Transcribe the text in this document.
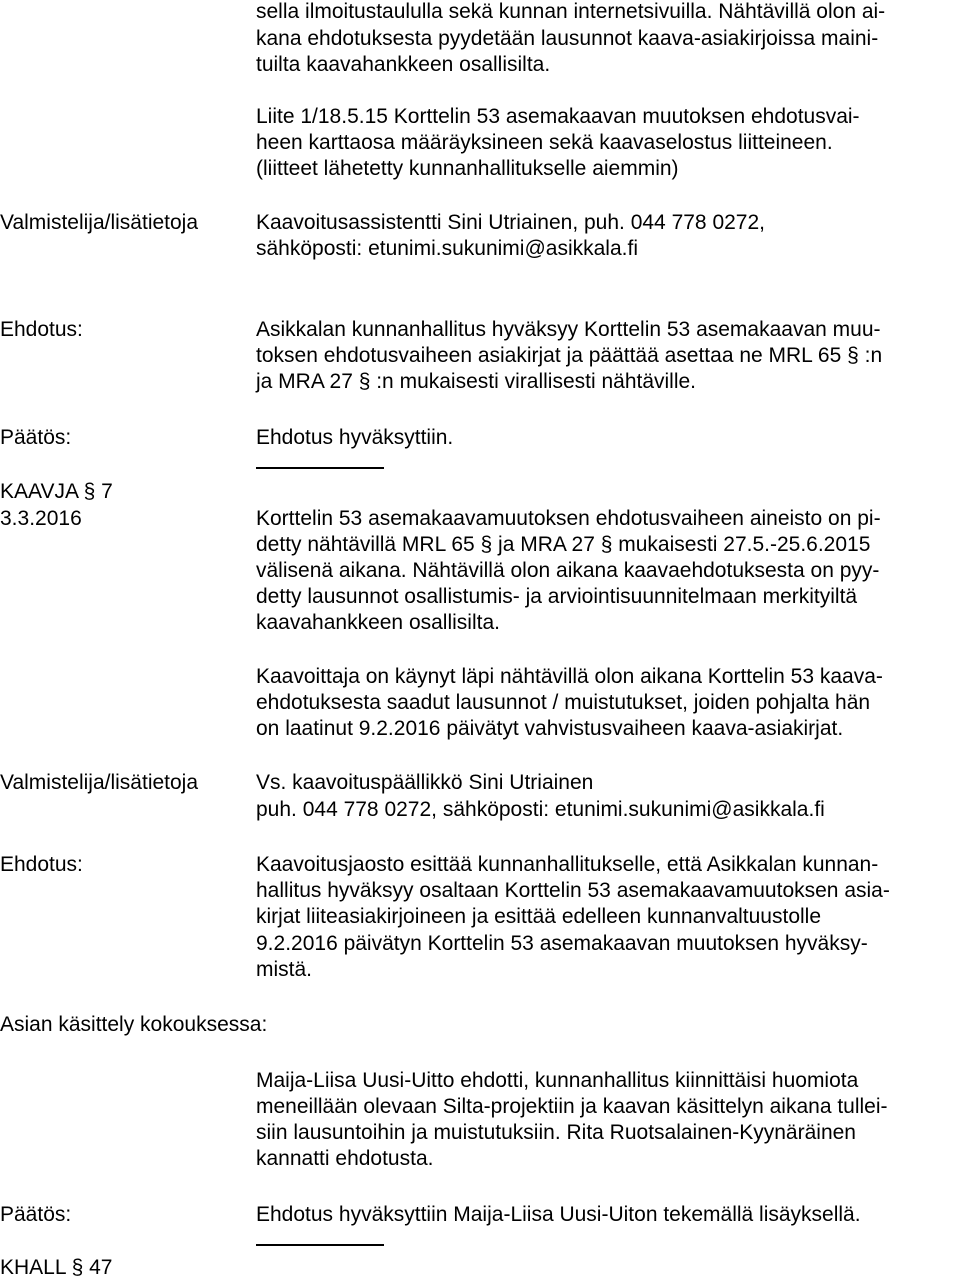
sella ilmoitustaululla sekä kunnan internetsivuilla. Nähtävillä olon ai-
kana ehdotuksesta pyydetään lausunnot kaava-asiakirjoissa maini-
tuilta kaavahankkeen osallisilta.
Liite 1/18.5.15 Korttelin 53 asemakaavan muutoksen ehdotusvai-
heen karttaosa määräyksineen sekä kaavaselostus liitteineen.
(liitteet lähetetty kunnanhallitukselle aiemmin)
Valmistelija/lisätietoja	Kaavoitusassistentti Sini Utriainen, puh. 044 778 0272,
sähköposti: etunimi.sukunimi@asikkala.fi
Ehdotus:	Asikkalan kunnanhallitus hyväksyy Korttelin 53 asemakaavan muu-
toksen ehdotusvaiheen asiakirjat ja päättää asettaa ne MRL 65 § :n
ja MRA 27 § :n mukaisesti virallisesti nähtäville.
Päätös:	Ehdotus hyväksyttiin.
KAAVJA § 7
3.3.2016	Korttelin 53 asemakaavamuutoksen ehdotusvaiheen aineisto on pi-
detty nähtävillä MRL 65 § ja MRA 27 § mukaisesti 27.5.-25.6.2015
välisenä aikana. Nähtävillä olon aikana kaavaehdotuksesta on pyy-
detty lausunnot osallistumis- ja arviointisuunnitelmaan merkityiltä
kaavahankkeen osallisilta.
Kaavoittaja on käynyt läpi nähtävillä olon aikana Korttelin 53 kaava-
ehdotuksesta saadut lausunnot / muistutukset, joiden pohjalta hän
on laatinut 9.2.2016 päivätyt vahvistusvaiheen kaava-asiakirjat.
Valmistelija/lisätietoja	Vs. kaavoituspäällikkö Sini Utriainen
puh. 044 778 0272, sähköposti: etunimi.sukunimi@asikkala.fi
Ehdotus:	Kaavoitusjaosto esittää kunnanhallitukselle, että Asikkalan kunnan-
hallitus hyväksyy osaltaan Korttelin 53 asemakaavamuutoksen asia-
kirjat liiteasiakirjoineen ja esittää edelleen kunnanvaltuustolle
9.2.2016 päivätyn Korttelin 53 asemakaavan muutoksen hyväksy-
mistä.
Asian käsittely kokouksessa:
Maija-Liisa Uusi-Uitto ehdotti, kunnanhallitus kiinnittäisi huomiota
meneillään olevaan Silta-projektiin ja kaavan käsittelyn aikana tullei-
siin lausuntoihin ja muistutuksiin. Rita Ruotsalainen-Kyynäräinen
kannatti ehdotusta.
Päätös:	Ehdotus hyväksyttiin Maija-Liisa Uusi-Uiton tekemällä lisäyksellä.
KHALL § 47
